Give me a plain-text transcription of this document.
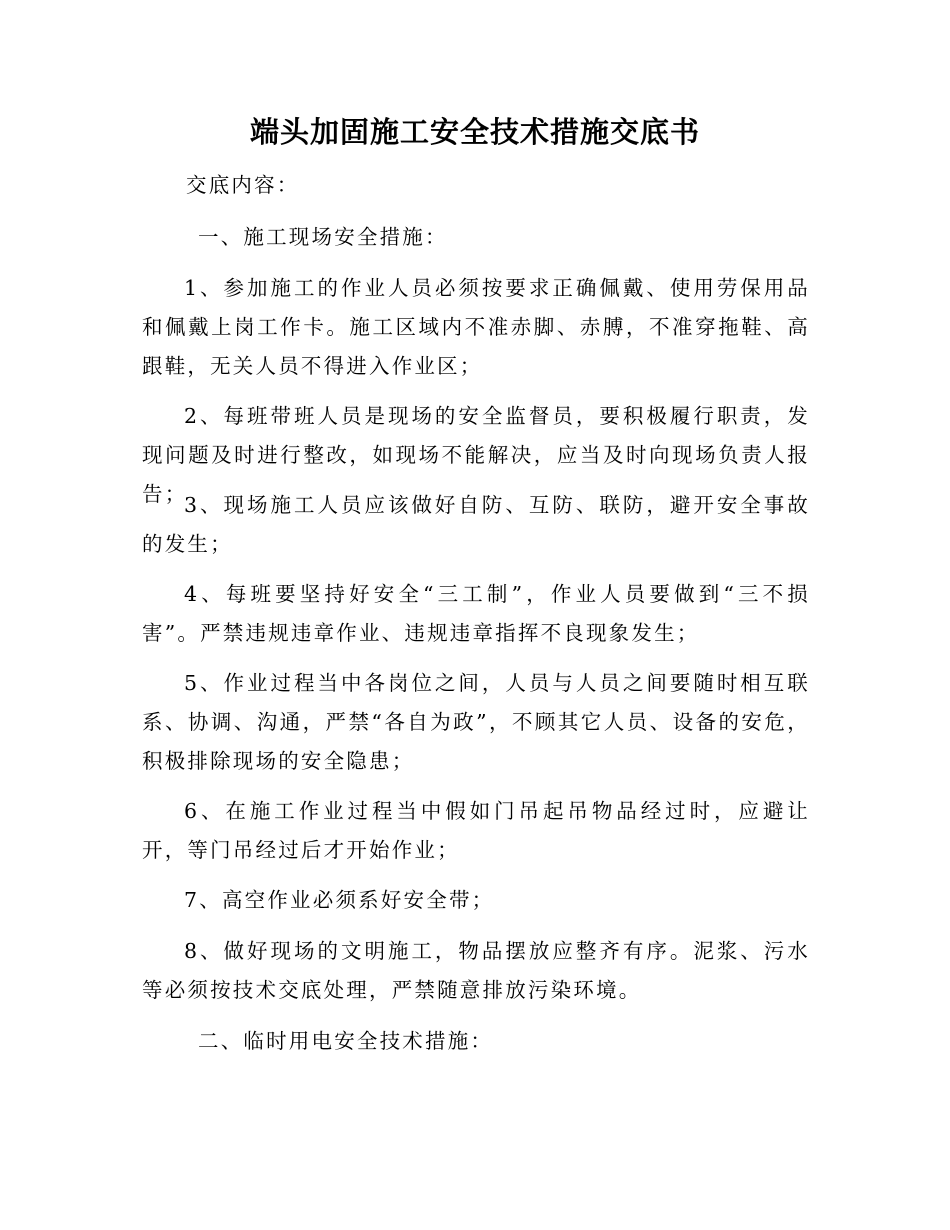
端头加固施工安全技术措施交底书

交底内容：

一、施工现场安全措施：

1、参加施工的作业人员必须按要求正确佩戴、使用劳保用品和佩戴上岗工作卡。施工区域内不准赤脚、赤膊，不准穿拖鞋、高跟鞋，无关人员不得进入作业区；

2、每班带班人员是现场的安全监督员，要积极履行职责，发现问题及时进行整改，如现场不能解决，应当及时向现场负责人报告；

3、现场施工人员应该做好自防、互防、联防，避开安全事故的发生；

4、每班要坚持好安全“三工制”，作业人员要做到“三不损害”。严禁违规违章作业、违规违章指挥不良现象发生；

5、作业过程当中各岗位之间，人员与人员之间要随时相互联系、协调、沟通，严禁“各自为政”，不顾其它人员、设备的安危，积极排除现场的安全隐患；

6、在施工作业过程当中假如门吊起吊物品经过时，应避让开，等门吊经过后才开始作业；

7、高空作业必须系好安全带；

8、做好现场的文明施工，物品摆放应整齐有序。泥浆、污水等必须按技术交底处理，严禁随意排放污染环境。

二、临时用电安全技术措施：
